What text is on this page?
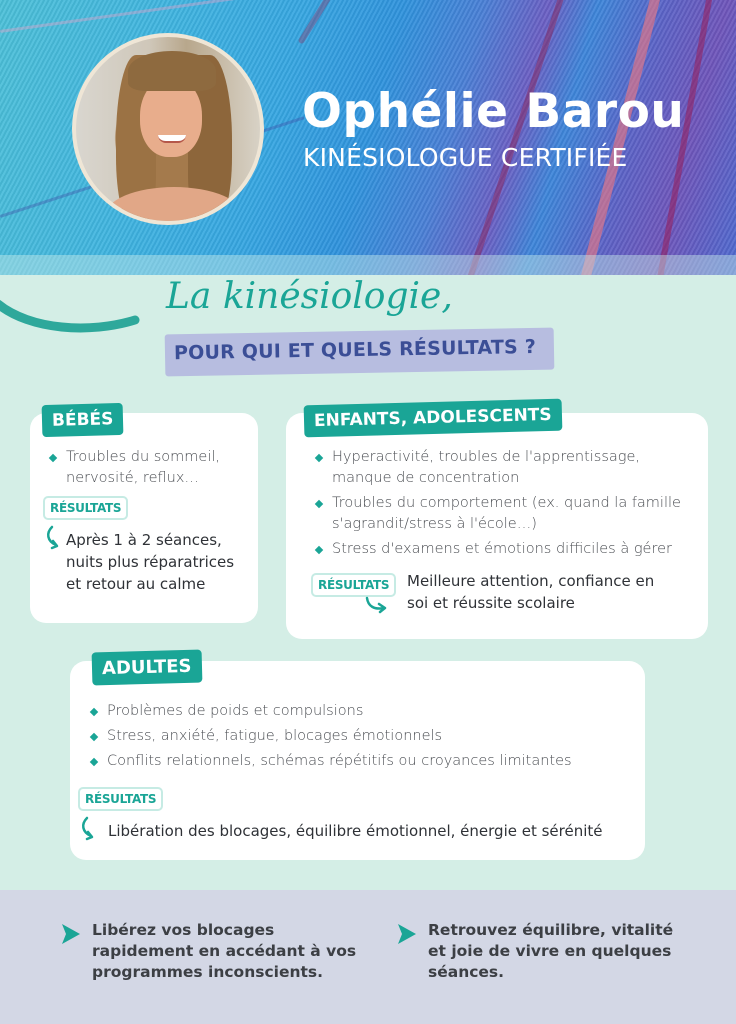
Ophélie Barou
KINÉSIOLOGUE CERTIFIÉE
POUR QUI ET QUELS RÉSULTATS ?
La kinésiologie,
Troubles du sommeil, nervosité, reflux…
RÉSULTATS
Après 1 à 2 séances, nuits plus réparatrices et retour au calme
BÉBÉS
Hyperactivité, troubles de l'apprentissage, manque de concentration
Troubles du comportement (ex. quand la famille s'agrandit/stress à l'école…)
Stress d'examens et émotions difficiles à gérer
RÉSULTATS	Meilleure attention, confiance en soi et réussite scolaire
ENFANTS, ADOLESCENTS
Problèmes de poids et compulsions
Stress, anxiété, fatigue, blocages émotionnels
Conflits relationnels, schémas répétitifs ou croyances limitantes
RÉSULTATS
Libération des blocages, équilibre émotionnel, énergie et sérénité
ADULTES

Libérez vos blocages rapidement en accédant à vos programmes inconscients.

Retrouvez équilibre, vitalité et joie de vivre en quelques séances.
